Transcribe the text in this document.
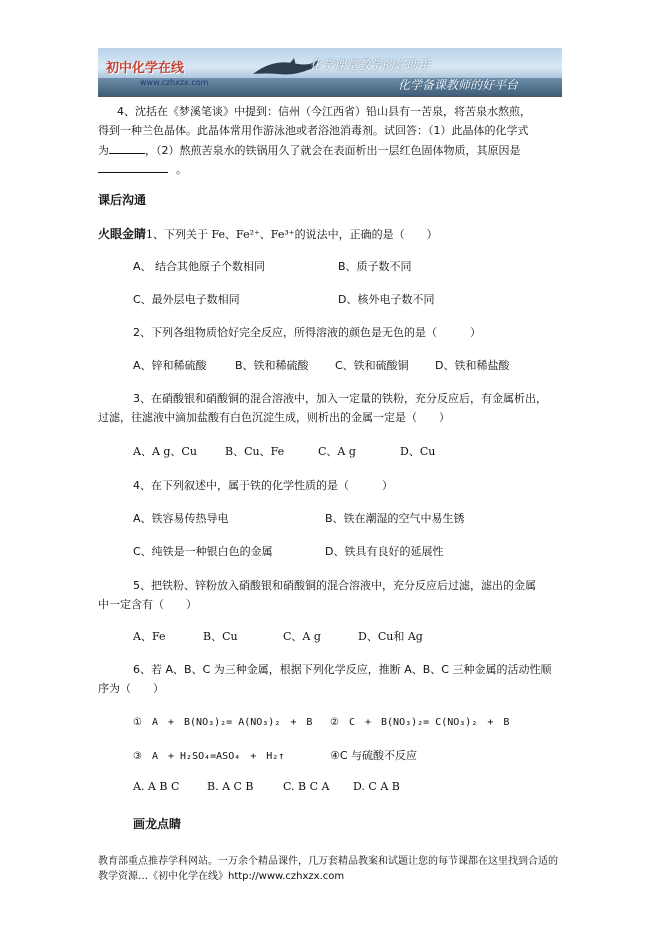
初中化学在线
www.czhxzx.com
化学课堂教学的好助手
化学备课教师的好平台
4、沈括在《梦溪笔谈》中提到：信州（今江西省）铅山县有一苦泉，将苦泉水熬煎，
得到一种兰色晶体。此晶体常用作游泳池或者浴池消毒剂。试回答：（1）此晶体的化学式
为	，（2）熬煎苦泉水的铁锅用久了就会在表面析出一层红色固体物质，其原因是
。
课后沟通
火眼金睛1、下列关于 Fe、Fe²⁺、Fe³⁺的说法中，正确的是（　　）
A、 结合其他原子个数相同	B、质子数不同
C、最外层电子数相同	D、核外电子数不同
2、下列各组物质恰好完全反应，所得溶液的颜色是无色的是（　　　）
A、锌和稀硫酸	B、铁和稀硫酸 C、铁和硫酸铜 D、铁和稀盐酸
3、在硝酸银和硝酸铜的混合溶液中，加入一定量的铁粉，充分反应后，有金属析出，
过滤，往滤液中滴加盐酸有白色沉淀生成，则析出的金属一定是（　　）
A、A g、Cu	B、Cu、Fe	C、A g	D、Cu
4、在下列叙述中，属于铁的化学性质的是（　　　）
A、铁容易传热导电	B、铁在潮湿的空气中易生锈
C、纯铁是一种银白色的金属	D、铁具有良好的延展性
5、把铁粉、锌粉放入硝酸银和硝酸铜的混合溶液中，充分反应后过滤，滤出的金属
中一定含有（　　）
A、Fe	B、Cu	C、A g	D、Cu和 Ag
6、若 A、B、C 为三种金属，根据下列化学反应，推断 A、B、C 三种金属的活动性顺
序为（　　）
①　A　+　B(NO₃)₂= A(NO₃)₂　+　B ②　C　+　B(NO₃)₂= C(NO₃)₂　+　B
③　A　+ H₂SO₄=ASO₄　+　H₂↑	④C 与硫酸不反应
A. A B C	B. A C B	C. B C A D. C A B
画龙点睛
教育部重点推荐学科网站。一万余个精品课件，几万套精品教案和试题让您的每节课都在这里找到合适的
教学资源…《初中化学在线》http://www.czhxzx.com
